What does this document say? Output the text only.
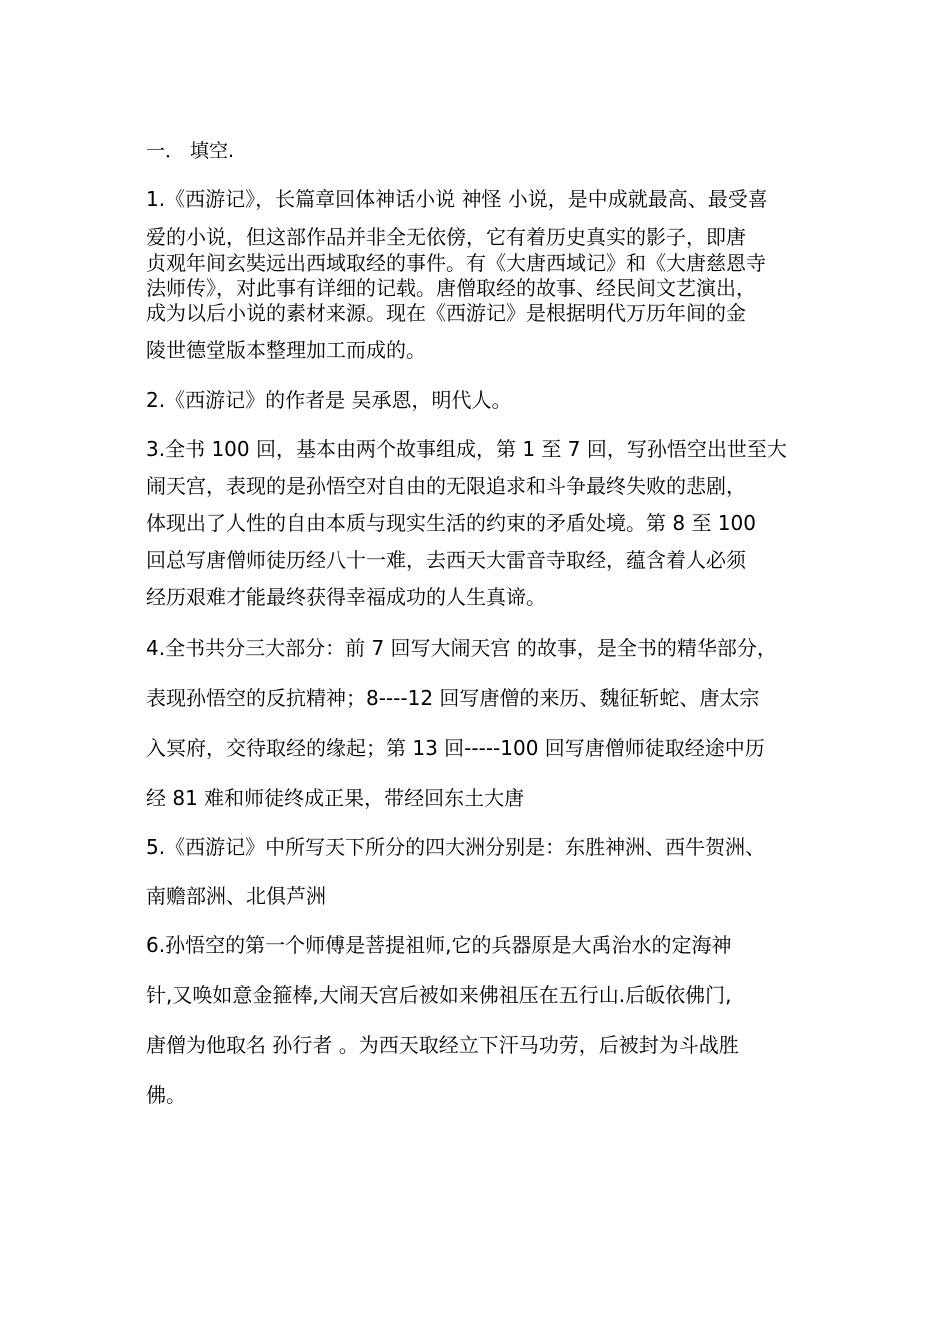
一． 填空.
1.《西游记》，长篇章回体神话小说 神怪 小说，是中成就最高、最受喜
爱的小说，但这部作品并非全无依傍，它有着历史真实的影子，即唐
贞观年间玄奘远出西域取经的事件。有《大唐西域记》和《大唐慈恩寺
法师传》，对此事有详细的记载。唐僧取经的故事、经民间文艺演出，
成为以后小说的素材来源。现在《西游记》是根据明代万历年间的金
陵世德堂版本整理加工而成的。
2.《西游记》的作者是 吴承恩，明代人。
3.全书 100 回，基本由两个故事组成，第 1 至 7 回，写孙悟空出世至大
闹天宫，表现的是孙悟空对自由的无限追求和斗争最终失败的悲剧，
体现出了人性的自由本质与现实生活的约束的矛盾处境。第 8 至 100
回总写唐僧师徒历经八十一难，去西天大雷音寺取经，蕴含着人必须
经历艰难才能最终获得幸福成功的人生真谛。
4.全书共分三大部分：前 7 回写大闹天宫 的故事，是全书的精华部分，
表现孙悟空的反抗精神；8----12 回写唐僧的来历、魏征斩蛇、唐太宗
入冥府，交待取经的缘起；第 13 回-----100 回写唐僧师徒取经途中历
经 81 难和师徒终成正果，带经回东土大唐
5.《西游记》中所写天下所分的四大洲分别是：东胜神洲、西牛贺洲、
南赡部洲、北俱芦洲
6.孙悟空的第一个师傅是菩提祖师,它的兵器原是大禹治水的定海神
针,又唤如意金箍棒,大闹天宫后被如来佛祖压在五行山.后皈依佛门,
唐僧为他取名 孙行者 。为西天取经立下汗马功劳，后被封为斗战胜
佛。
